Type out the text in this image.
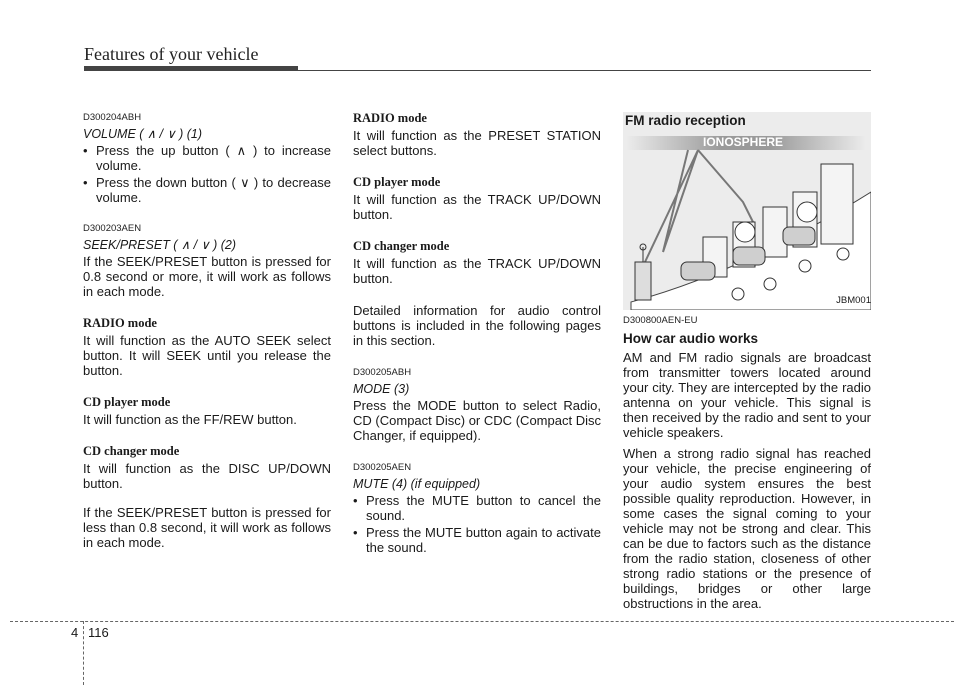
Features of your vehicle
D300204ABH
VOLUME ( ∧ / ∨ ) (1)
• Press the up button ( ∧ ) to increase volume.
• Press the down button ( ∨ ) to decrease volume.
D300203AEN
SEEK/PRESET ( ∧ / ∨ ) (2)

If the SEEK/PRESET button is pressed for 0.8 second or more, it will work as follows in each mode.

RADIO mode

It will function as the AUTO SEEK select button. It will SEEK until you release the button.

CD player mode

It will function as the FF/REW button.

CD changer mode

It will function as the DISC UP/DOWN button.

If the SEEK/PRESET button is pressed for less than 0.8 second, it will work as follows in each mode.

RADIO mode

It will function as the PRESET STATION select buttons.

CD player mode

It will function as the TRACK UP/DOWN button.

CD changer mode

It will function as the TRACK UP/DOWN button.

Detailed information for audio control buttons is included in the following pages in this section.

D300205ABH
MODE (3)

Press the MODE button to select Radio, CD (Compact Disc) or CDC (Compact Disc Changer, if equipped).

D300205AEN
MUTE (4) (if equipped)
• Press the MUTE button to cancel the sound.
• Press the MUTE button again to activate the sound.
FM radio reception
IONOSPHERE
JBM001
D300800AEN-EU
How car audio works

AM and FM radio signals are broadcast from transmitter towers located around your city. They are intercepted by the radio antenna on your vehicle. This signal is then received by the radio and sent to your vehicle speakers.

When a strong radio signal has reached your vehicle, the precise engineering of your audio system ensures the best possible quality reproduction. However, in some cases the signal coming to your vehicle may not be strong and clear. This can be due to factors such as the distance from the radio station, closeness of other strong radio stations or the presence of buildings, bridges or other large obstructions in the area.

4 116
